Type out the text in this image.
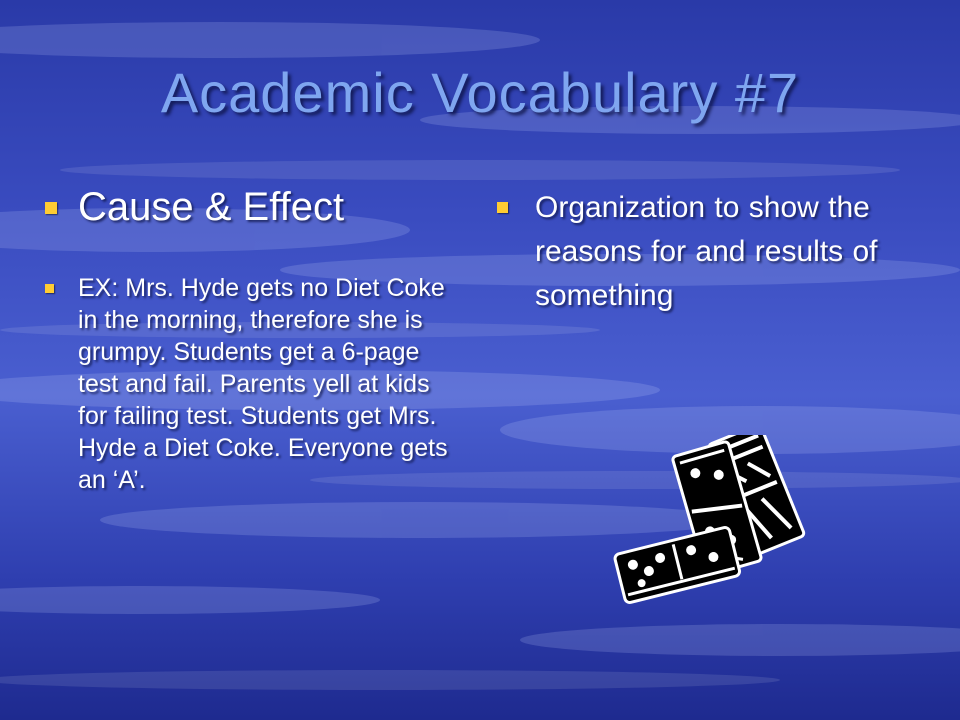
Academic Vocabulary #7
Cause & Effect
EX: Mrs. Hyde gets no Diet Coke in the morning, therefore she is grumpy. Students get a 6-page test and fail. Parents yell at kids for failing test. Students get Mrs. Hyde a Diet Coke. Everyone gets an ‘A’.
Organization to show the reasons for and results of something
